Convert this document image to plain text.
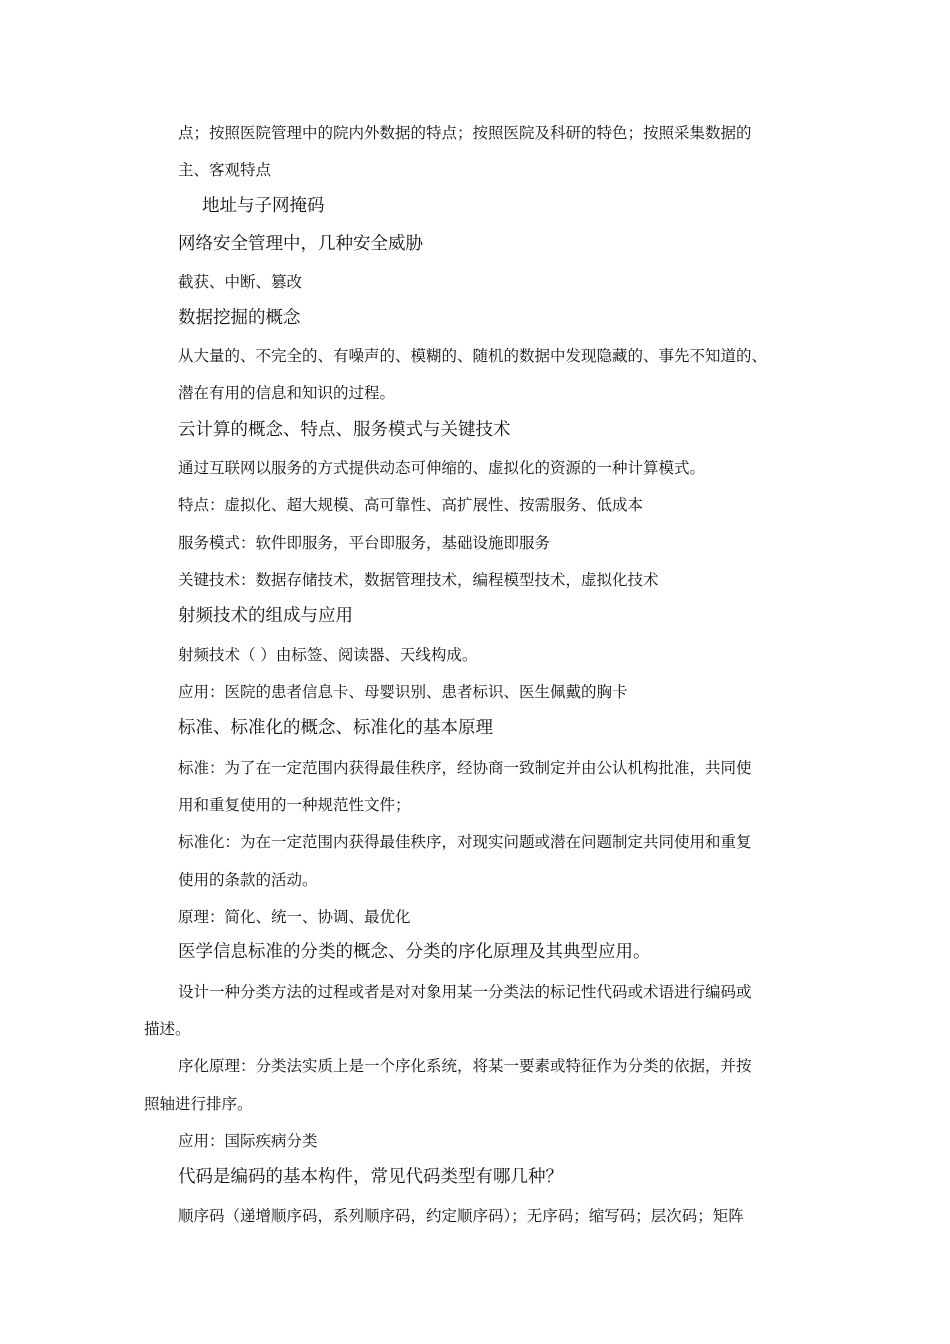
点；按照医院管理中的院内外数据的特点；按照医院及科研的特色；按照采集数据的
主、客观特点
地址与子网掩码
网络安全管理中，几种安全威胁
截获、中断、篡改
数据挖掘的概念
从大量的、不完全的、有噪声的、模糊的、随机的数据中发现隐藏的、事先不知道的、
潜在有用的信息和知识的过程。
云计算的概念、特点、服务模式与关键技术
通过互联网以服务的方式提供动态可伸缩的、虚拟化的资源的一种计算模式。
特点：虚拟化、超大规模、高可靠性、高扩展性、按需服务、低成本
服务模式：软件即服务，平台即服务，基础设施即服务
关键技术：数据存储技术，数据管理技术，编程模型技术，虚拟化技术
射频技术的组成与应用
射频技术（ ）由标签、阅读器、天线构成。
应用：医院的患者信息卡、母婴识别、患者标识、医生佩戴的胸卡
标准、标准化的概念、标准化的基本原理
标准：为了在一定范围内获得最佳秩序，经协商一致制定并由公认机构批准，共同使
用和重复使用的一种规范性文件；
标准化：为在一定范围内获得最佳秩序，对现实问题或潜在问题制定共同使用和重复
使用的条款的活动。
原理：简化、统一、协调、最优化
医学信息标准的分类的概念、分类的序化原理及其典型应用。
设计一种分类方法的过程或者是对对象用某一分类法的标记性代码或术语进行编码或
描述。
序化原理：分类法实质上是一个序化系统，将某一要素或特征作为分类的依据，并按
照轴进行排序。
应用：国际疾病分类
代码是编码的基本构件，常见代码类型有哪几种？
顺序码（递增顺序码，系列顺序码，约定顺序码）；无序码；缩写码；层次码；矩阵
